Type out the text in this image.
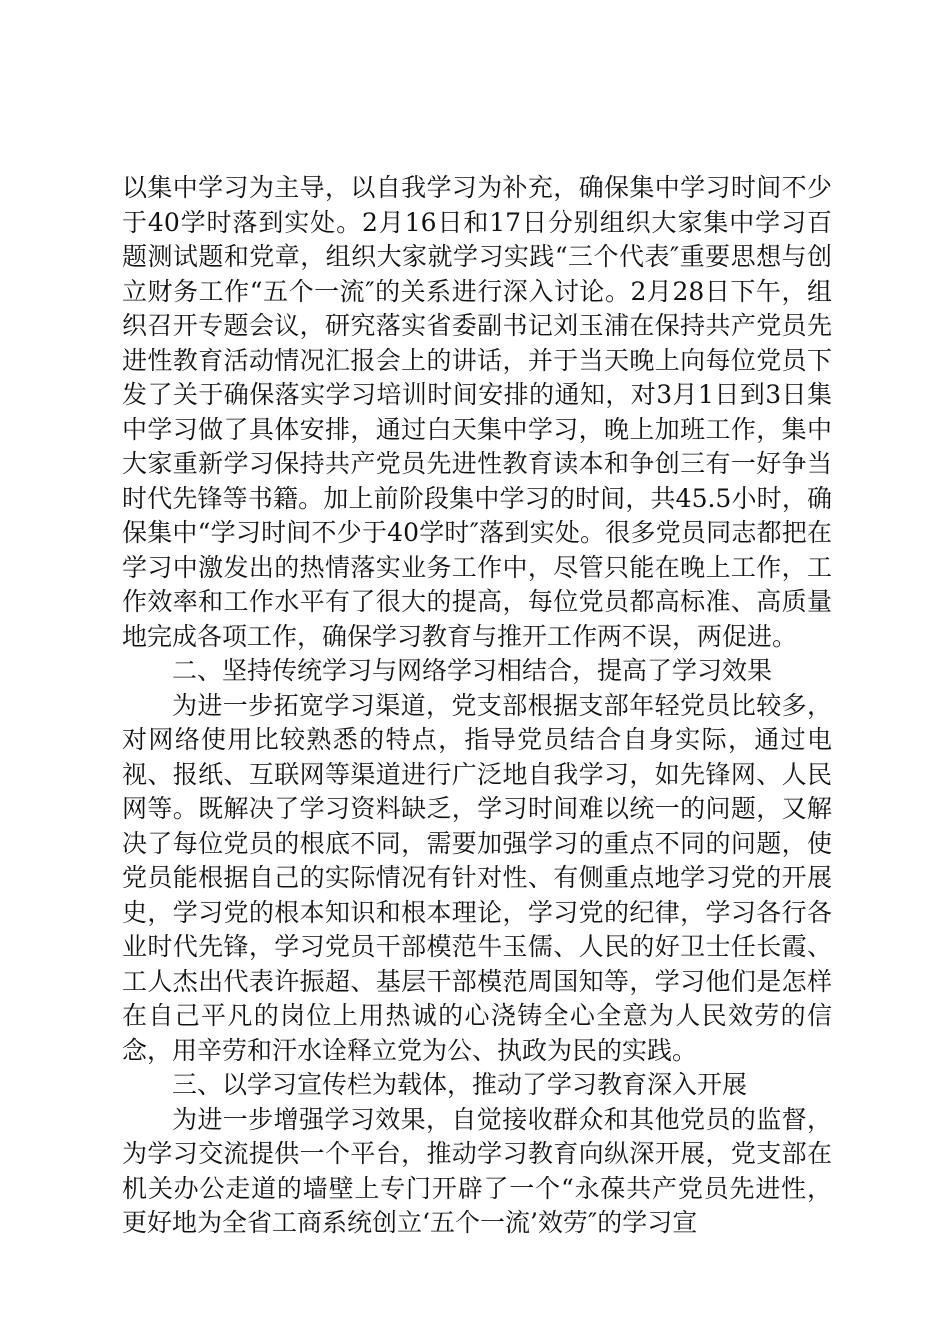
以集中学习为主导，以自我学习为补充，确保集中学习时间不少于40学时落到实处。2月16日和17日分别组织大家集中学习百题测试题和党章，组织大家就学习实践“三个代表″重要思想与创立财务工作“五个一流″的关系进行深入讨论。2月28日下午，组织召开专题会议，研究落实省委副书记刘玉浦在保持共产党员先进性教育活动情况汇报会上的讲话，并于当天晚上向每位党员下发了关于确保落实学习培训时间安排的通知，对3月1日到3日集中学习做了具体安排，通过白天集中学习，晚上加班工作，集中大家重新学习保持共产党员先进性教育读本和争创三有一好争当时代先锋等书籍。加上前阶段集中学习的时间，共45.5小时，确保集中“学习时间不少于40学时″落到实处。很多党员同志都把在学习中激发出的热情落实业务工作中，尽管只能在晚上工作，工作效率和工作水平有了很大的提高，每位党员都高标准、高质量地完成各项工作，确保学习教育与推开工作两不误，两促进。

二、坚持传统学习与网络学习相结合，提高了学习效果

为进一步拓宽学习渠道，党支部根据支部年轻党员比较多，对网络使用比较熟悉的特点，指导党员结合自身实际，通过电视、报纸、互联网等渠道进行广泛地自我学习，如先锋网、人民网等。既解决了学习资料缺乏，学习时间难以统一的问题，又解决了每位党员的根底不同，需要加强学习的重点不同的问题，使党员能根据自己的实际情况有针对性、有侧重点地学习党的开展史，学习党的根本知识和根本理论，学习党的纪律，学习各行各业时代先锋，学习党员干部模范牛玉儒、人民的好卫士任长霞、工人杰出代表许振超、基层干部模范周国知等，学习他们是怎样在自己平凡的岗位上用热诚的心浇铸全心全意为人民效劳的信念，用辛劳和汗水诠释立党为公、执政为民的实践。

三、以学习宣传栏为载体，推动了学习教育深入开展

为进一步增强学习效果，自觉接收群众和其他党员的监督，为学习交流提供一个平台，推动学习教育向纵深开展，党支部在机关办公走道的墙壁上专门开辟了一个“永葆共产党员先进性，更好地为全省工商系统创立‘五个一流’效劳″的学习宣
